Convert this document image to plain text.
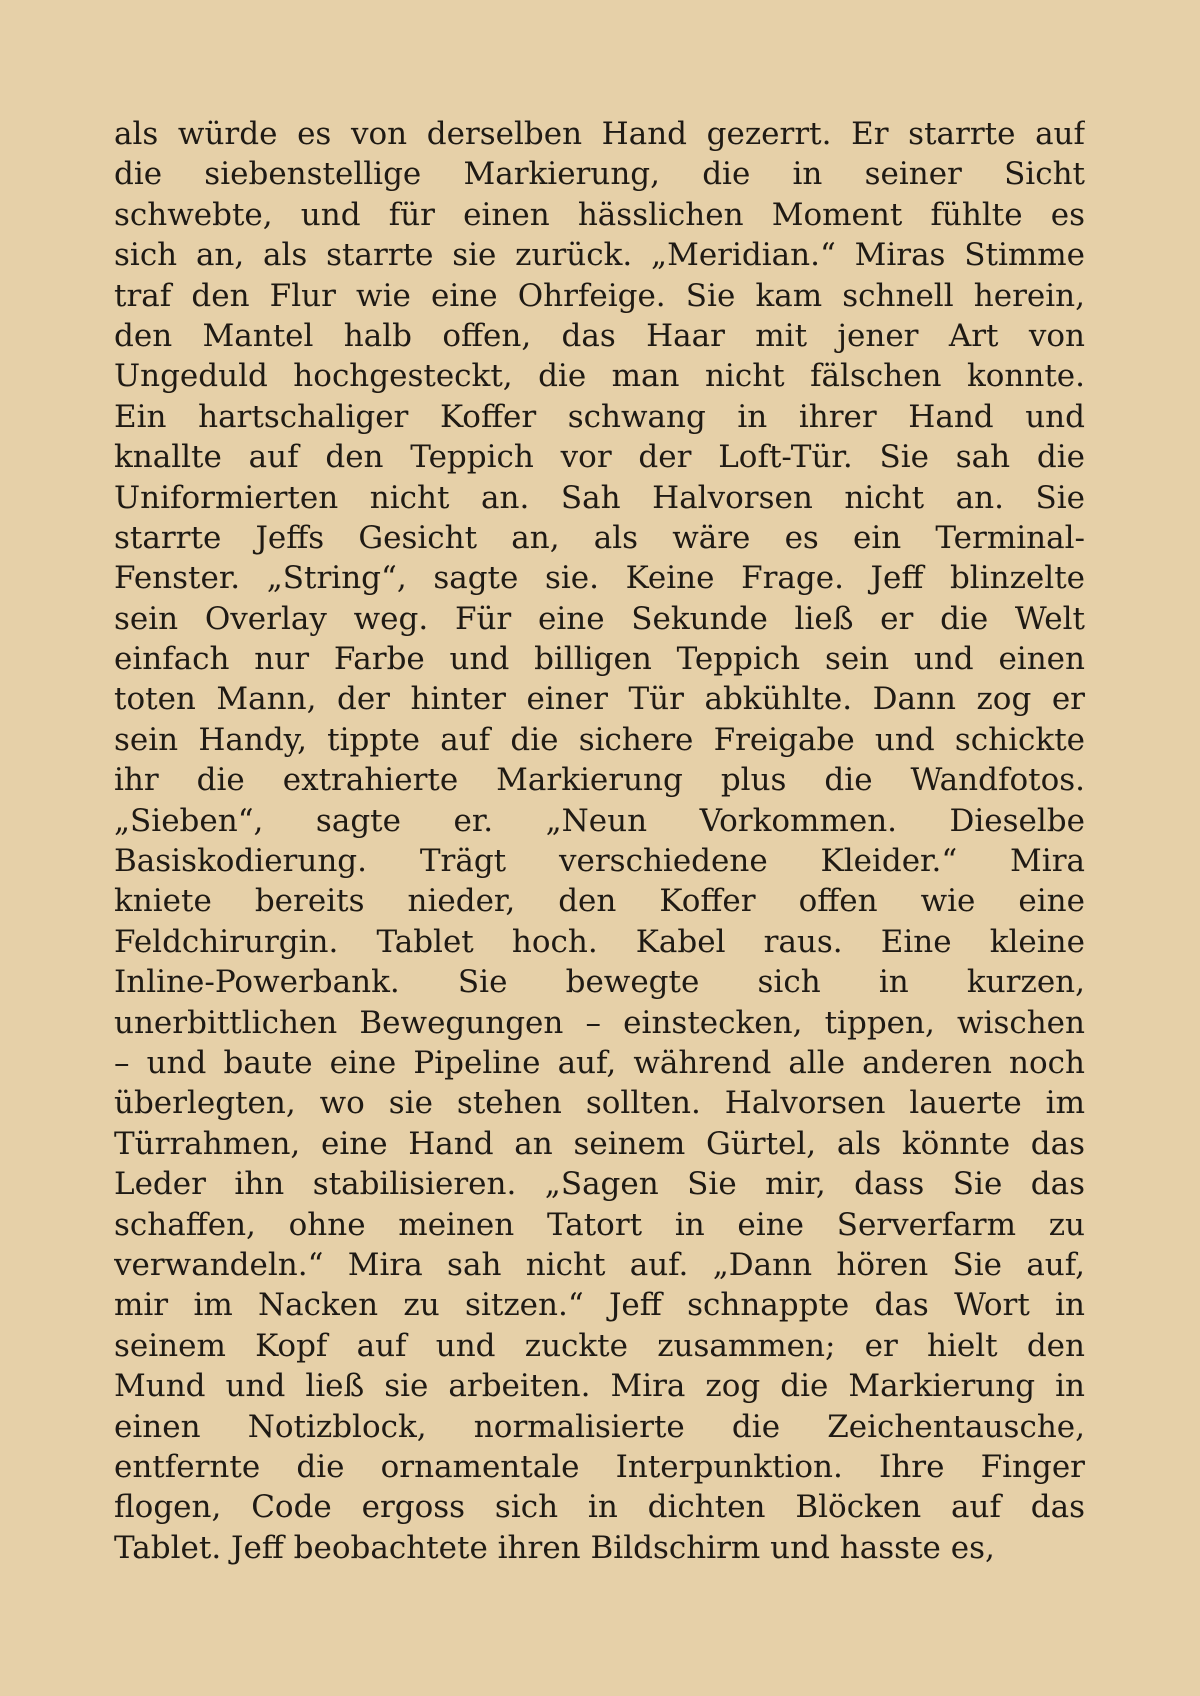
als würde es von derselben Hand gezerrt. Er starrte auf
die siebenstellige Markierung, die in seiner Sicht
schwebte, und für einen hässlichen Moment fühlte es
sich an, als starrte sie zurück. „Meridian.“ Miras Stimme
traf den Flur wie eine Ohrfeige. Sie kam schnell herein,
den Mantel halb offen, das Haar mit jener Art von
Ungeduld hochgesteckt, die man nicht fälschen konnte.
Ein hartschaliger Koffer schwang in ihrer Hand und
knallte auf den Teppich vor der Loft-Tür. Sie sah die
Uniformierten nicht an. Sah Halvorsen nicht an. Sie
starrte Jeffs Gesicht an, als wäre es ein Terminal-
Fenster. „String“, sagte sie. Keine Frage. Jeff blinzelte
sein Overlay weg. Für eine Sekunde ließ er die Welt
einfach nur Farbe und billigen Teppich sein und einen
toten Mann, der hinter einer Tür abkühlte. Dann zog er
sein Handy, tippte auf die sichere Freigabe und schickte
ihr die extrahierte Markierung plus die Wandfotos.
„Sieben“, sagte er. „Neun Vorkommen. Dieselbe
Basiskodierung. Trägt verschiedene Kleider.“ Mira
kniete bereits nieder, den Koffer offen wie eine
Feldchirurgin. Tablet hoch. Kabel raus. Eine kleine
Inline-Powerbank. Sie bewegte sich in kurzen,
unerbittlichen Bewegungen – einstecken, tippen, wischen
– und baute eine Pipeline auf, während alle anderen noch
überlegten, wo sie stehen sollten. Halvorsen lauerte im
Türrahmen, eine Hand an seinem Gürtel, als könnte das
Leder ihn stabilisieren. „Sagen Sie mir, dass Sie das
schaffen, ohne meinen Tatort in eine Serverfarm zu
verwandeln.“ Mira sah nicht auf. „Dann hören Sie auf,
mir im Nacken zu sitzen.“ Jeff schnappte das Wort in
seinem Kopf auf und zuckte zusammen; er hielt den
Mund und ließ sie arbeiten. Mira zog die Markierung in
einen Notizblock, normalisierte die Zeichentausche,
entfernte die ornamentale Interpunktion. Ihre Finger
flogen, Code ergoss sich in dichten Blöcken auf das
Tablet. Jeff beobachtete ihren Bildschirm und hasste es,
